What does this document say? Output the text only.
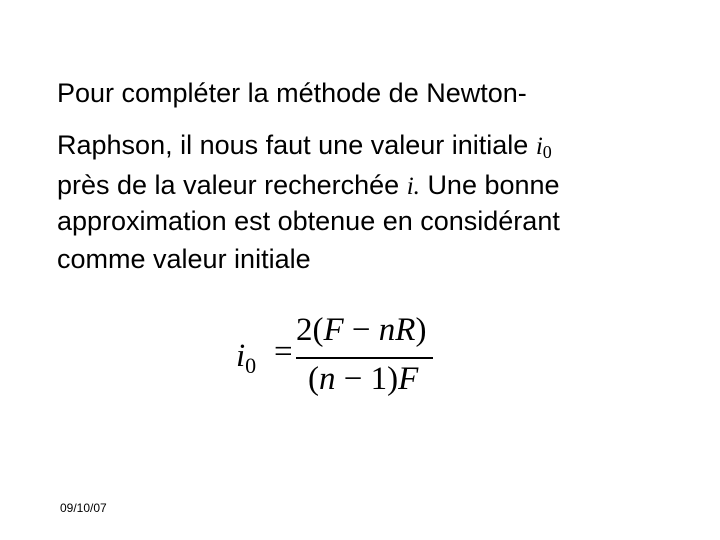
Pour compléter la méthode de Newton-
Raphson, il nous faut une valeur initiale i0
près de la valeur recherchée i. Une bonne
approximation est obtenue en considérant
comme valeur initiale
$i_0$ =
2(F − nR)
(n − 1)F
09/10/07
